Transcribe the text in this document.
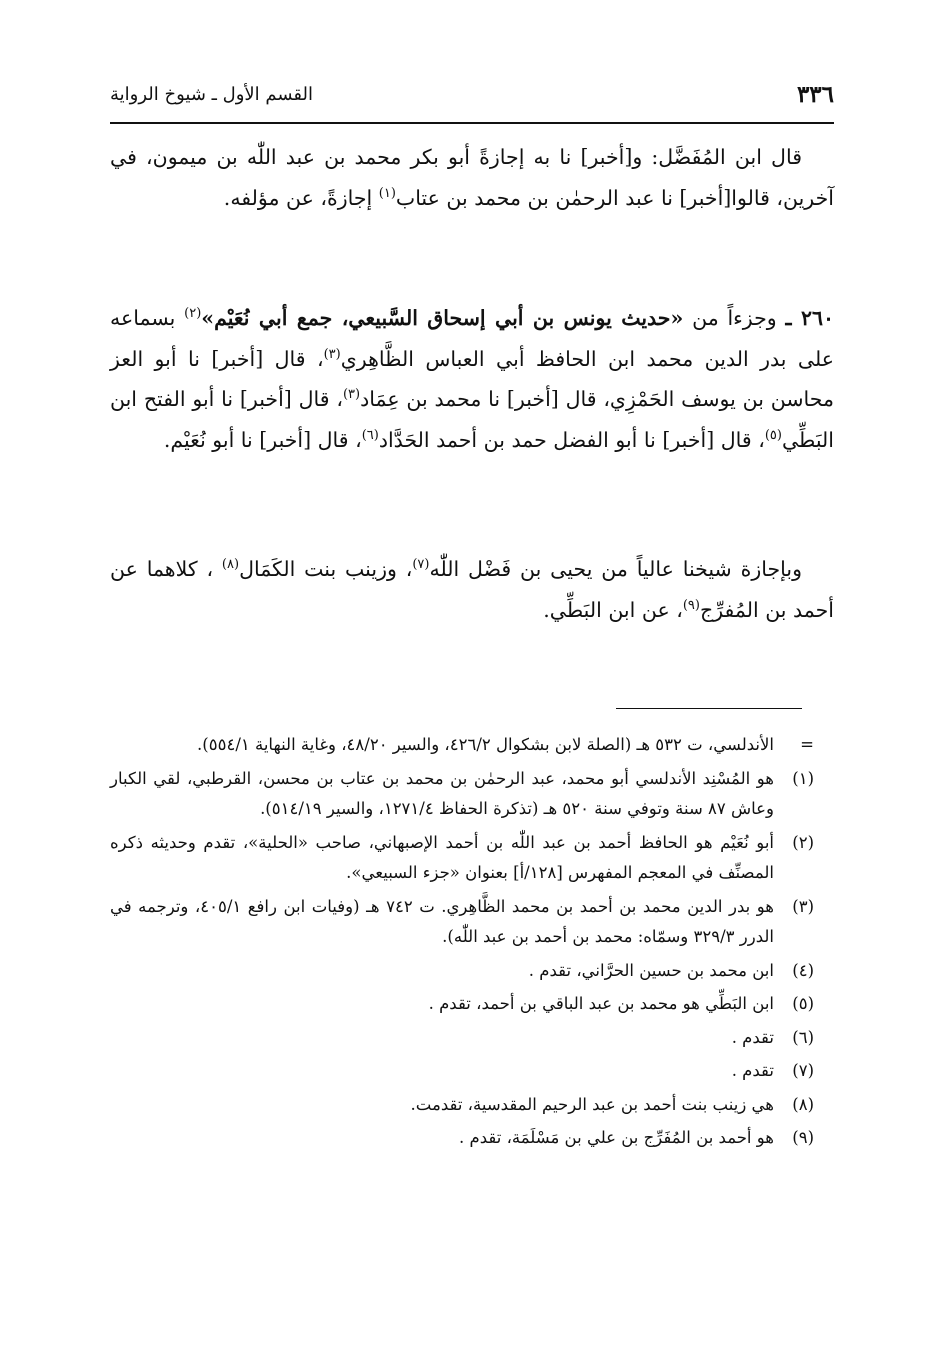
٣٣٦
القسم الأول ـ شيوخ الرواية

قال ابن المُفَضَّل: و[أخبر] نا به إجازةً أبو بكر محمد بن عبد اللّٰه بن ميمون، في آخرين، قالوا[أخبر] نا عبد الرحمٰن بن محمد بن عتاب$^{(١)}$ إجازةً، عن مؤلفه.

٢٦٠ ـ وجزءاً من «حديث يونس بن أبي إسحاق السَّبيعي، جمع أبي نُعَيْم»$^{(٢)}$ بسماعه على بدر الدين محمد ابن الحافظ أبي العباس الظَّاهِري$^{(٣)}$، قال [أخبر] نا أبو العز محاسن بن يوسف الحَمْزِي، قال [أخبر] نا محمد بن عِمَاد$^{(٣)}$، قال [أخبر] نا أبو الفتح ابن البَطِّي$^{(٥)}$، قال [أخبر] نا أبو الفضل حمد بن أحمد الحَدَّاد$^{(٦)}$، قال [أخبر] نا أبو نُعَيْم.

وبإجازة شيخنا عالياً من يحيى بن فَضْل اللّٰه$^{(٧)}$، وزينب بنت الكَمَال$^{(٨)}$ ، كلاهما عن أحمد بن المُفرِّج$^{(٩)}$، عن ابن البَطِّي.

=
الأندلسي، ت ٥٣٢ هـ (الصلة لابن بشكوال ٤٢٦/٢، والسير ٤٨/٢٠، وغاية النهاية ٥٥٤/١).
(١)
هو المُسْنِد الأندلسي أبو محمد، عبد الرحمٰن بن محمد بن عتاب بن محسن، القرطبي، لقي الكبار وعاش ٨٧ سنة وتوفي سنة ٥٢٠ هـ (تذكرة الحفاظ ١٢٧١/٤، والسير ٥١٤/١٩).
(٢)
أبو نُعَيْم هو الحافظ أحمد بن عبد اللّٰه بن أحمد الإصبهاني، صاحب «الحلية»، تقدم وحديثه ذكره المصنِّف في المعجم المفهرس [١٢٨/أ] بعنوان «جزء السبيعي».
(٣)
هو بدر الدين محمد بن أحمد بن محمد الظَّاهِري. ت ٧٤٢ هـ (وفيات ابن رافع ٤٠٥/١، وترجمه في الدرر ٣٢٩/٣ وسمّاه: محمد بن أحمد بن عبد اللّٰه).
(٤)
ابن محمد بن حسين الحرَّاني، تقدم .
(٥)
ابن البَطِّي هو محمد بن عبد الباقي بن أحمد، تقدم .
(٦)
تقدم .
(٧)
تقدم .
(٨)
هي زينب بنت أحمد بن عبد الرحيم المقدسية، تقدمت.
(٩)
هو أحمد بن المُفَرِّج بن علي بن مَسْلَمَة، تقدم .
